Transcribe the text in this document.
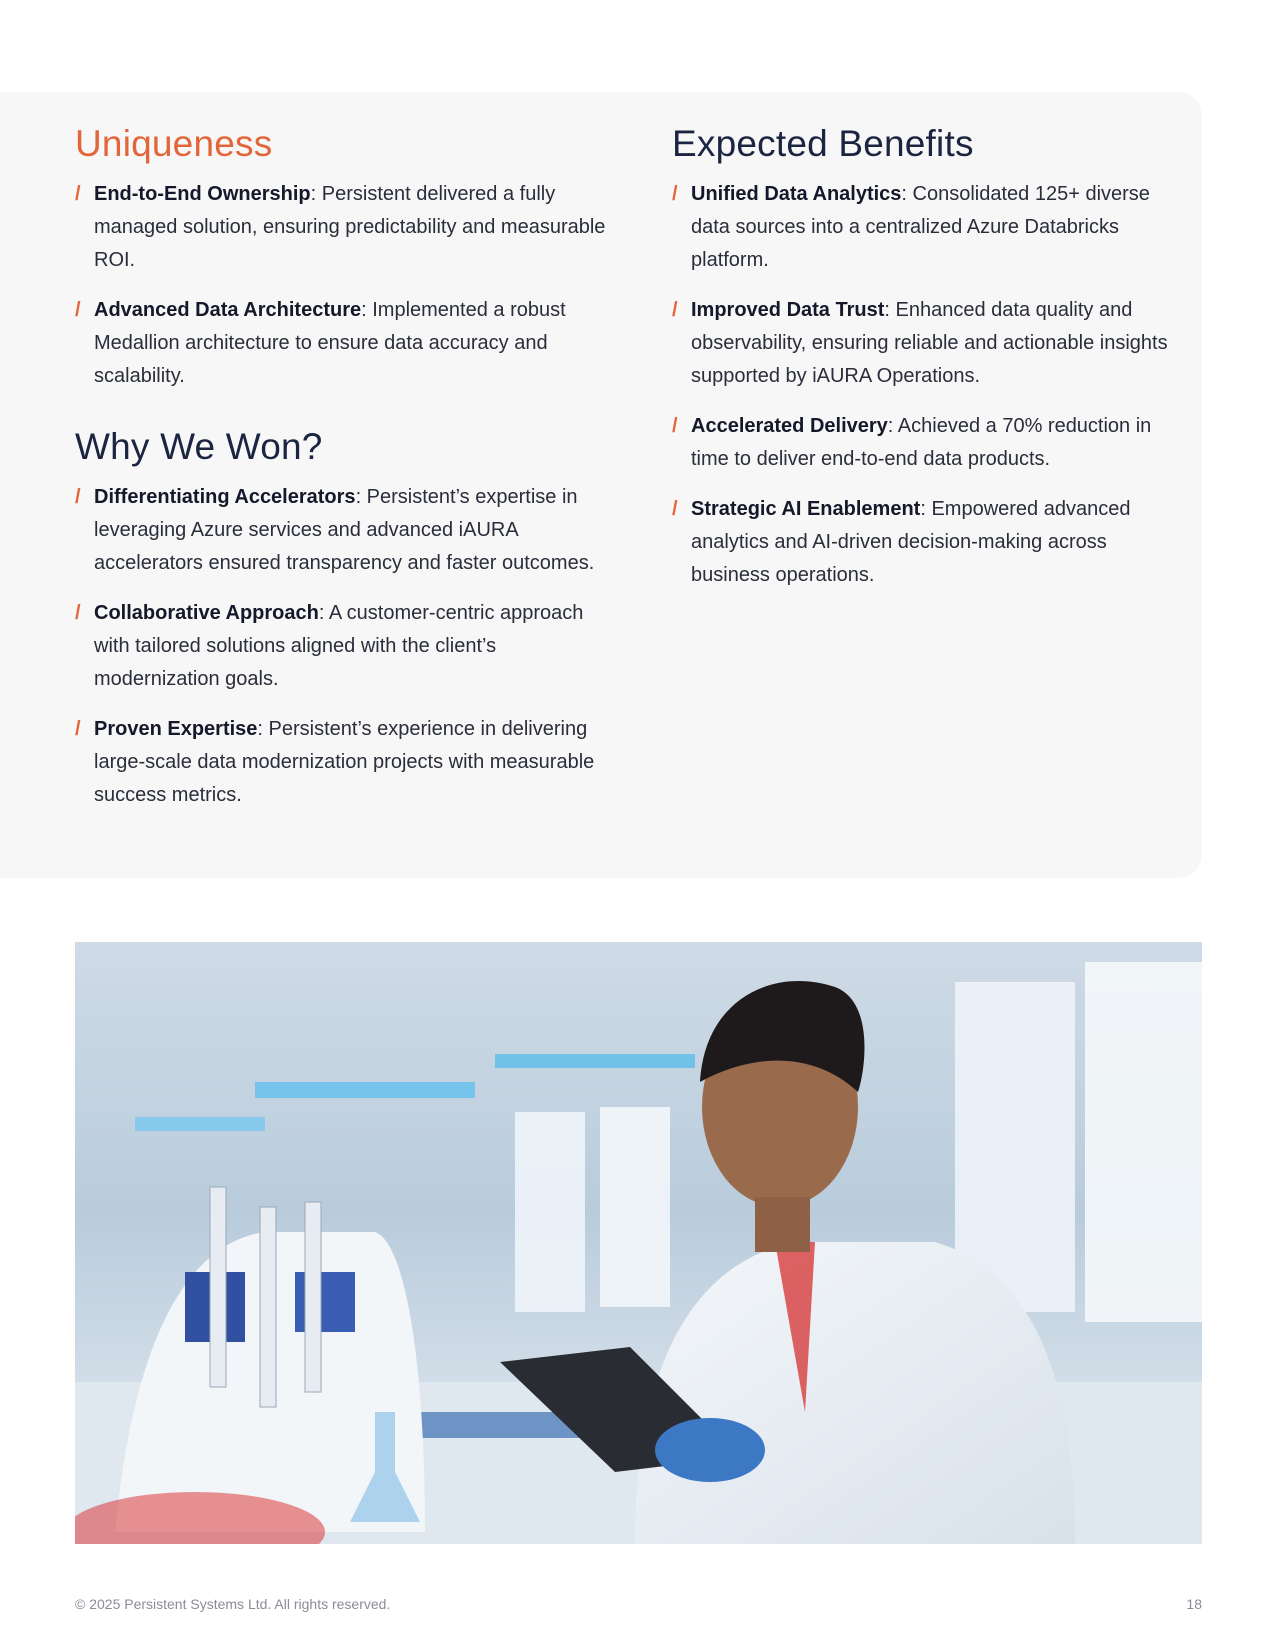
Uniqueness
/ End-to-End Ownership: Persistent delivered a fully managed solution, ensuring predictability and measurable ROI.
/ Advanced Data Architecture: Implemented a robust Medallion architecture to ensure data accuracy and scalability.
Why We Won?
/ Differentiating Accelerators: Persistent’s expertise in leveraging Azure services and advanced iAURA accelerators ensured transparency and faster outcomes.
/ Collaborative Approach: A customer-centric approach with tailored solutions aligned with the client’s modernization goals.
/ Proven Expertise: Persistent’s experience in delivering large-scale data modernization projects with measurable success metrics.
Expected Benefits
/ Unified Data Analytics: Consolidated 125+ diverse data sources into a centralized Azure Databricks platform.
/ Improved Data Trust: Enhanced data quality and observability, ensuring reliable and actionable insights supported by iAURA Operations.
/ Accelerated Delivery: Achieved a 70% reduction in time to deliver end-to-end data products.
/ Strategic AI Enablement: Empowered advanced analytics and AI-driven decision-making across business operations.
© 2025 Persistent Systems Ltd. All rights reserved.	18
